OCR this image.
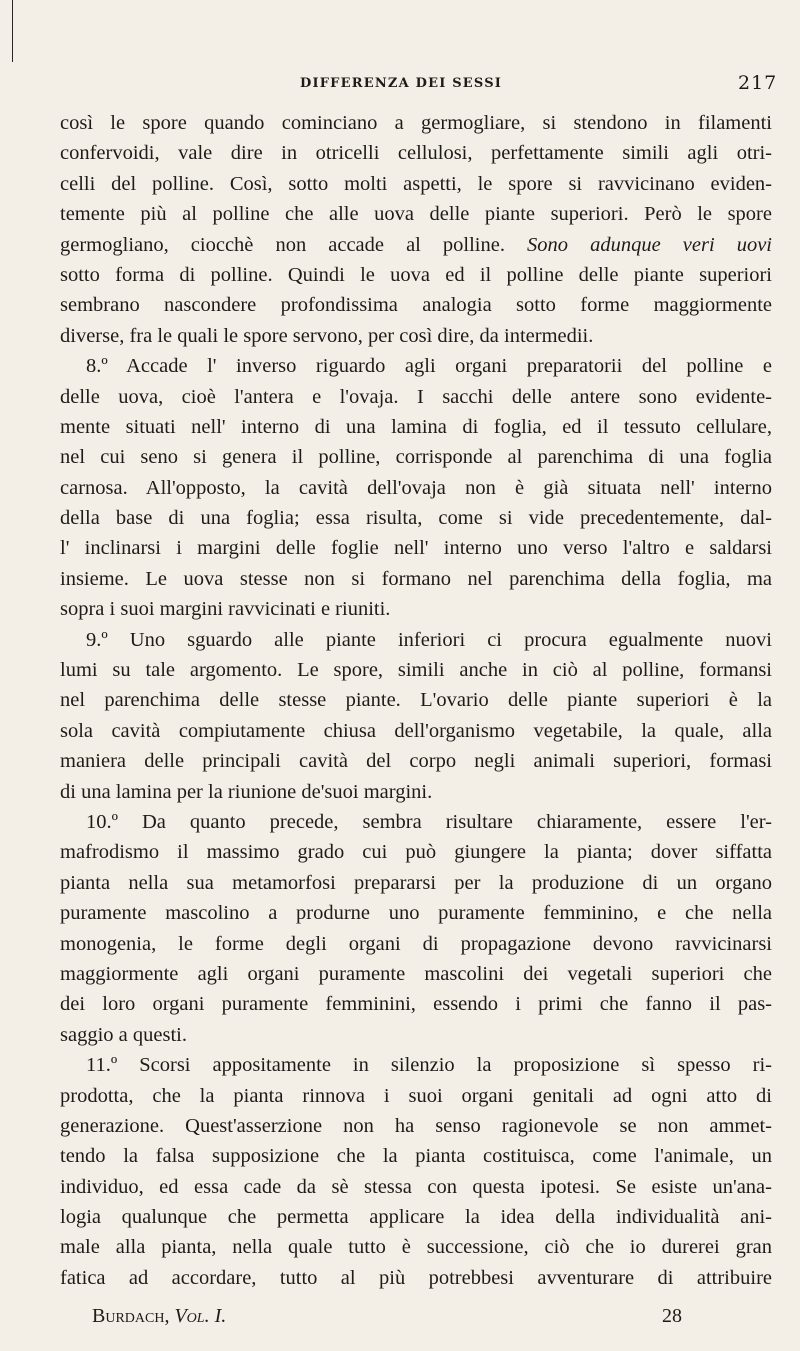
DIFFERENZA DEI SESSI	217
così le spore quando cominciano a germogliare, si stendono in filamenti
confervoidi, vale dire in otricelli cellulosi, perfettamente simili agli otri-
celli del polline. Così, sotto molti aspetti, le spore si ravvicinano eviden-
temente più al polline che alle uova delle piante superiori. Però le spore
germogliano, ciocchè non accade al polline. Sono adunque veri uovi
sotto forma di polline. Quindi le uova ed il polline delle piante superiori
sembrano nascondere profondissima analogia sotto forme maggiormente
diverse, fra le quali le spore servono, per così dire, da intermedii.
8.º Accade l' inverso riguardo agli organi preparatorii del polline e
delle uova, cioè l'antera e l'ovaja. I sacchi delle antere sono evidente-
mente situati nell' interno di una lamina di foglia, ed il tessuto cellulare,
nel cui seno si genera il polline, corrisponde al parenchima di una foglia
carnosa. All'opposto, la cavità dell'ovaja non è già situata nell' interno
della base di una foglia; essa risulta, come si vide precedentemente, dal-
l' inclinarsi i margini delle foglie nell' interno uno verso l'altro e saldarsi
insieme. Le uova stesse non si formano nel parenchima della foglia, ma
sopra i suoi margini ravvicinati e riuniti.
9.º Uno sguardo alle piante inferiori ci procura egualmente nuovi
lumi su tale argomento. Le spore, simili anche in ciò al polline, formansi
nel parenchima delle stesse piante. L'ovario delle piante superiori è la
sola cavità compiutamente chiusa dell'organismo vegetabile, la quale, alla
maniera delle principali cavità del corpo negli animali superiori, formasi
di una lamina per la riunione de'suoi margini.
10.º Da quanto precede, sembra risultare chiaramente, essere l'er-
mafrodismo il massimo grado cui può giungere la pianta; dover siffatta
pianta nella sua metamorfosi prepararsi per la produzione di un organo
puramente mascolino a produrne uno puramente femminino, e che nella
monogenia, le forme degli organi di propagazione devono ravvicinarsi
maggiormente agli organi puramente mascolini dei vegetali superiori che
dei loro organi puramente femminini, essendo i primi che fanno il pas-
saggio a questi.
11.º Scorsi appositamente in silenzio la proposizione sì spesso ri-
prodotta, che la pianta rinnova i suoi organi genitali ad ogni atto di
generazione. Quest'asserzione non ha senso ragionevole se non ammet-
tendo la falsa supposizione che la pianta costituisca, come l'animale, un
individuo, ed essa cade da sè stessa con questa ipotesi. Se esiste un'ana-
logia qualunque che permetta applicare la idea della individualità ani-
male alla pianta, nella quale tutto è successione, ciò che io durerei gran
fatica ad accordare, tutto al più potrebbesi avventurare di attribuire
Burdach, Vol. I.	28
